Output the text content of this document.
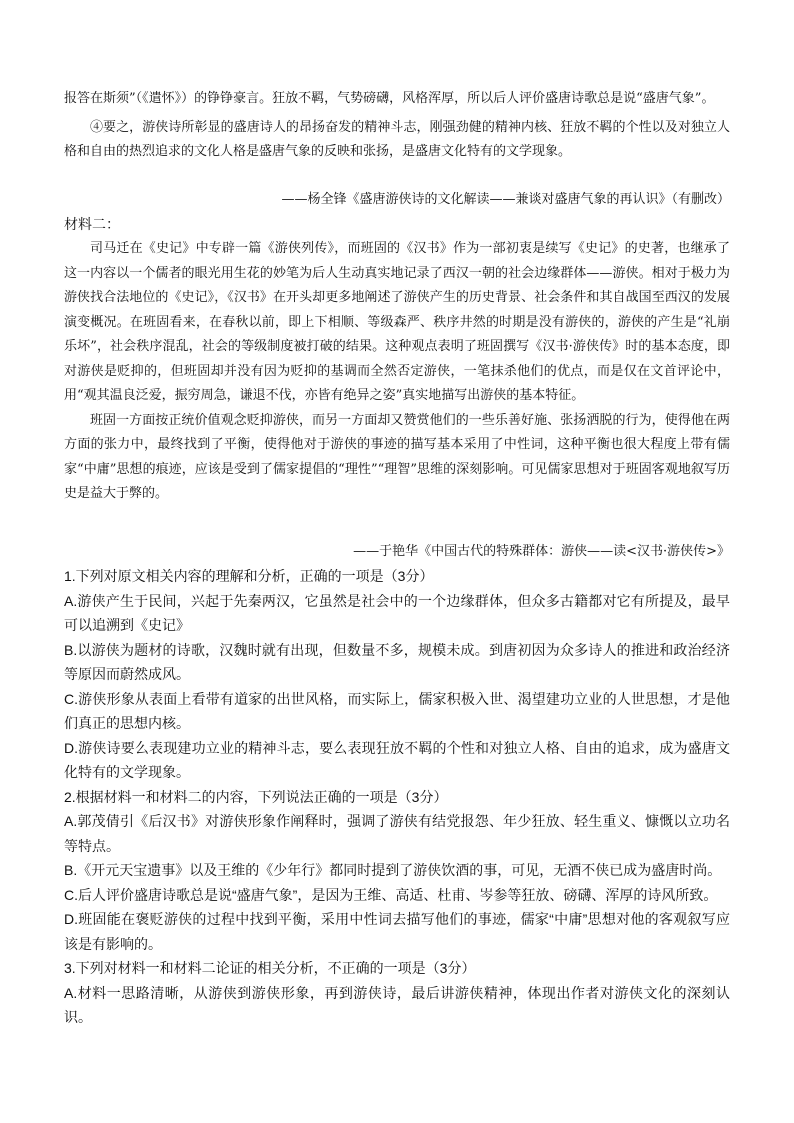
报答在斯须”（《遣怀》）的铮铮豪言。狂放不羁，气势磅礴，风格浑厚，所以后人评价盛唐诗歌总是说“盛唐气象”。

④要之，游侠诗所彰显的盛唐诗人的昂扬奋发的精神斗志，刚强劲健的精神内核、狂放不羁的个性以及对独立人格和自由的热烈追求的文化人格是盛唐气象的反映和张扬，是盛唐文化特有的文学现象。

——杨全锋《盛唐游侠诗的文化解读——兼谈对盛唐气象的再认识》（有删改）

材料二：

司马迁在《史记》中专辟一篇《游侠列传》，而班固的《汉书》作为一部初衷是续写《史记》的史著，也继承了这一内容以一个儒者的眼光用生花的妙笔为后人生动真实地记录了西汉一朝的社会边缘群体——游侠。相对于极力为游侠找合法地位的《史记》，《汉书》在开头却更多地阐述了游侠产生的历史背景、社会条件和其自战国至西汉的发展演变概况。在班固看来，在春秋以前，即上下相顺、等级森严、秩序井然的时期是没有游侠的，游侠的产生是“礼崩乐坏”，社会秩序混乱，社会的等级制度被打破的结果。这种观点表明了班固撰写《汉书·游侠传》时的基本态度，即对游侠是贬抑的，但班固却并没有因为贬抑的基调而全然否定游侠，一笔抹杀他们的优点，而是仅在文首评论中，用“观其温良泛爱，振穷周急，谦退不伐，亦皆有绝异之姿”真实地描写出游侠的基本特征。

班固一方面按正统价值观念贬抑游侠，而另一方面却又赞赏他们的一些乐善好施、张扬洒脱的行为，使得他在两方面的张力中，最终找到了平衡，使得他对于游侠的事迹的描写基本采用了中性词，这种平衡也很大程度上带有儒家“中庸”思想的痕迹，应该是受到了儒家提倡的“理性”“理智”思维的深刻影响。可见儒家思想对于班固客观地叙写历史是益大于弊的。

——于艳华《中国古代的特殊群体：游侠——读<汉书·游侠传>》

1.下列对原文相关内容的理解和分析，正确的一项是（3分）

A.游侠产生于民间，兴起于先秦两汉，它虽然是社会中的一个边缘群体，但众多古籍都对它有所提及，最早可以追溯到《史记》

B.以游侠为题材的诗歌，汉魏时就有出现，但数量不多，规模未成。到唐初因为众多诗人的推进和政治经济等原因而蔚然成风。

C.游侠形象从表面上看带有道家的出世风格，而实际上，儒家积极入世、渴望建功立业的人世思想，才是他们真正的思想内核。

D.游侠诗要么表现建功立业的精神斗志，要么表现狂放不羁的个性和对独立人格、自由的追求，成为盛唐文化特有的文学现象。

2.根据材料一和材料二的内容，下列说法正确的一项是（3分）

A.郭茂倩引《后汉书》对游侠形象作阐释时，强调了游侠有结党报怨、年少狂放、轻生重义、慷慨以立功名等特点。

B.《开元天宝遗事》以及王维的《少年行》都同时提到了游侠饮酒的事，可见，无酒不侠已成为盛唐时尚。

C.后人评价盛唐诗歌总是说“盛唐气象”，是因为王维、高适、杜甫、岑参等狂放、磅礴、浑厚的诗风所致。

D.班固能在褒贬游侠的过程中找到平衡，采用中性词去描写他们的事迹，儒家“中庸”思想对他的客观叙写应该是有影响的。

3.下列对材料一和材料二论证的相关分析，不正确的一项是（3分）

A.材料一思路清晰，从游侠到游侠形象，再到游侠诗，最后讲游侠精神，体现出作者对游侠文化的深刻认识。
